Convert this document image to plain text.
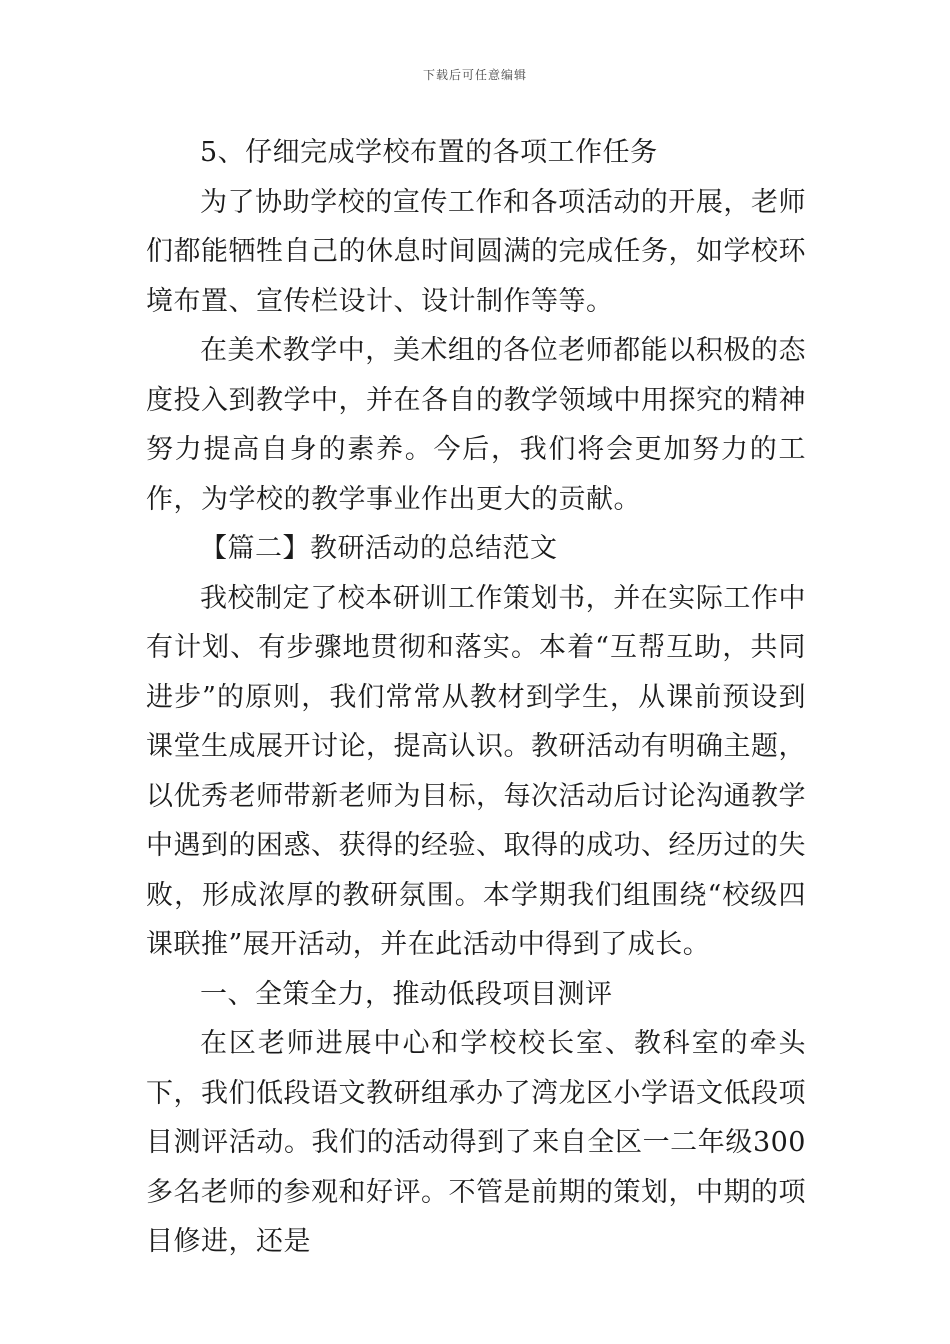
下载后可任意编辑

5、仔细完成学校布置的各项工作任务

为了协助学校的宣传工作和各项活动的开展，老师们都能牺牲自己的休息时间圆满的完成任务，如学校环境布置、宣传栏设计、设计制作等等。

在美术教学中，美术组的各位老师都能以积极的态度投入到教学中，并在各自的教学领域中用探究的精神努力提高自身的素养。今后，我们将会更加努力的工作，为学校的教学事业作出更大的贡献。

【篇二】教研活动的总结范文

我校制定了校本研训工作策划书，并在实际工作中有计划、有步骤地贯彻和落实。本着“互帮互助，共同进步”的原则，我们常常从教材到学生，从课前预设到课堂生成展开讨论，提高认识。教研活动有明确主题，以优秀老师带新老师为目标，每次活动后讨论沟通教学中遇到的困惑、获得的经验、取得的成功、经历过的失败，形成浓厚的教研氛围。本学期我们组围绕“校级四课联推”展开活动，并在此活动中得到了成长。

一、全策全力，推动低段项目测评

在区老师进展中心和学校校长室、教科室的牵头下，我们低段语文教研组承办了湾龙区小学语文低段项目测评活动。我们的活动得到了来自全区一二年级300多名老师的参观和好评。不管是前期的策划，中期的项目修进，还是
